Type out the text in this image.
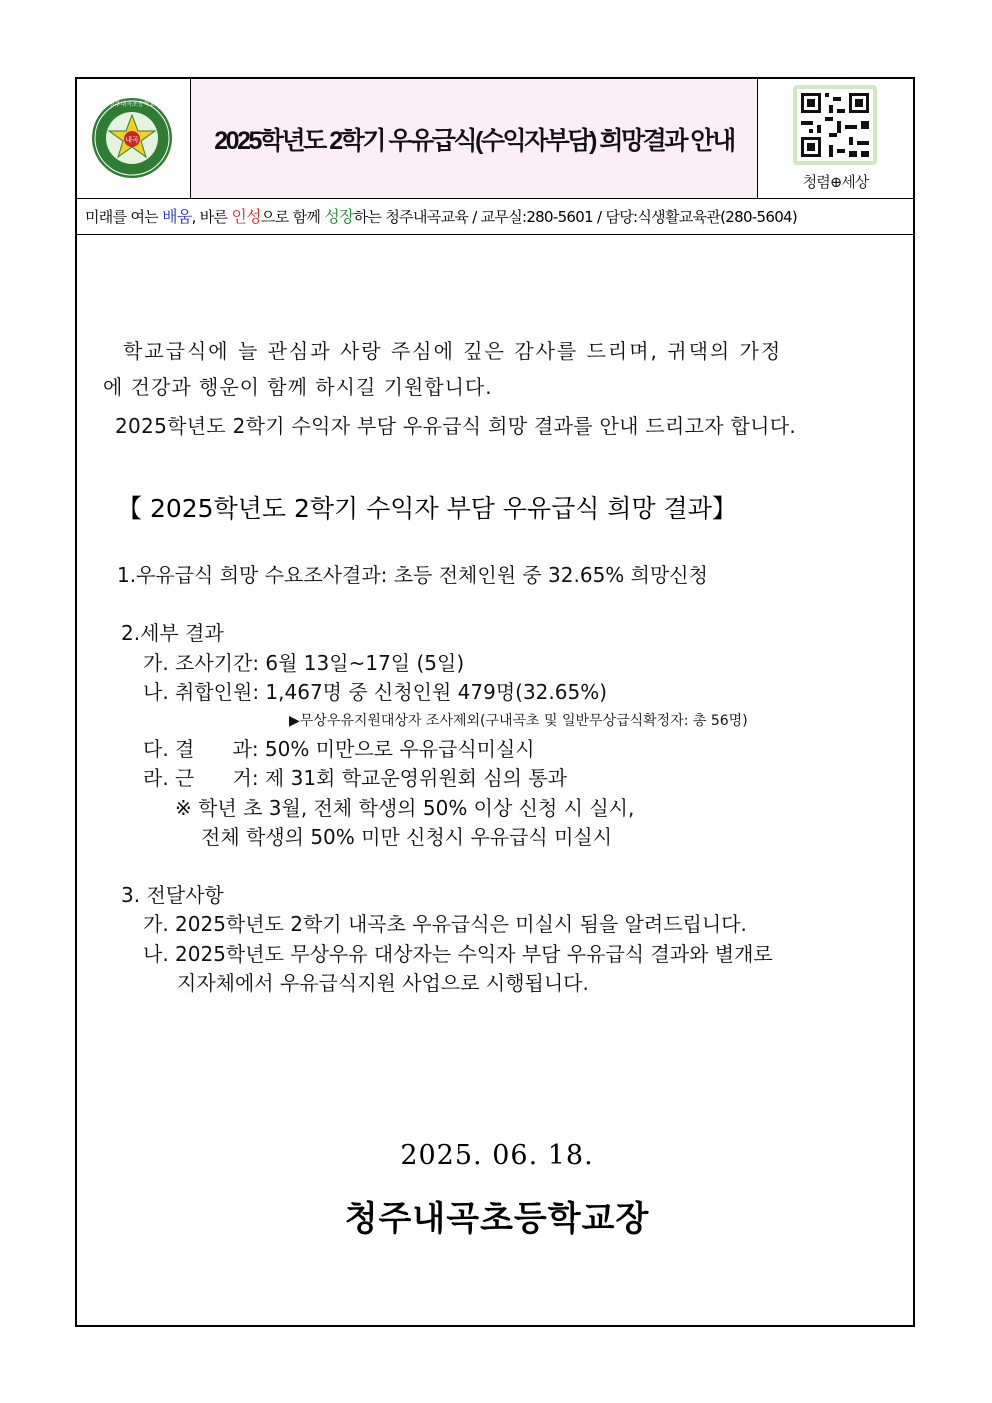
내곡
청주내곡초등학교
2025학년도 2학기 우유급식(수익자부담) 희망결과 안내
청렴⊕세상
미래를 여는 배움, 바른 인성으로 함께 성장하는 청주내곡교육 / 교무실:280-5601 / 담당:식생활교육관(280-5604)
학교급식에 늘 관심과 사랑 주심에 깊은 감사를 드리며, 귀댁의 가정
에 건강과 행운이 함께 하시길 기원합니다.
2025학년도 2학기 수익자 부담 우유급식 희망 결과를 안내 드리고자 합니다.
【 2025학년도 2학기 수익자 부담 우유급식 희망 결과】
1.우유급식 희망 수요조사결과: 초등 전체인원 중 32.65% 희망신청
2.세부 결과
가. 조사기간: 6월 13일~17일 (5일)
나. 취합인원: 1,467명 중 신청인원 479명(32.65%)
▶무상우유지원대상자 조사제외(구내곡초 및 일반무상급식확정자: 총 56명)
다. 결      과: 50% 미만으로 우유급식미실시
라. 근      거: 제 31회 학교운영위원회 심의 통과
※ 학년 초 3월, 전체 학생의 50% 이상 신청 시 실시,
전체 학생의 50% 미만 신청시 우유급식 미실시
3. 전달사항
가. 2025학년도 2학기 내곡초 우유급식은 미실시 됨을 알려드립니다.
나. 2025학년도 무상우유 대상자는 수익자 부담 우유급식 결과와 별개로
지자체에서 우유급식지원 사업으로 시행됩니다.
2025. 06. 18.
청주내곡초등학교장
